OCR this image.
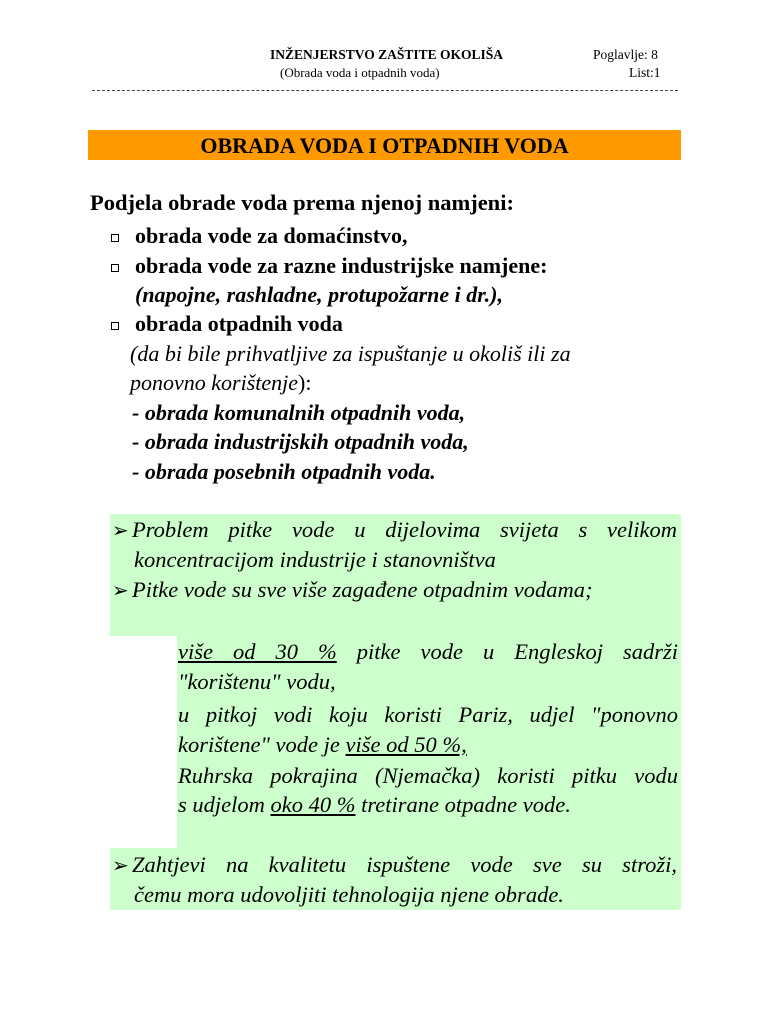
INŽENJERSTVO ZAŠTITE OKOLIŠA
(Obrada voda i otpadnih voda)
Poglavlje: 8
List:1
OBRADA VODA I OTPADNIH VODA
Podjela obrade voda prema njenoj namjeni:
obrada vode za domaćinstvo,
obrada vode za razne industrijske namjene:
(napojne, rashladne, protupožarne i dr.),
obrada otpadnih voda
(da bi bile prihvatljive za ispuštanje u okoliš ili za
ponovno korištenje):
- obrada komunalnih otpadnih voda,
- obrada industrijskih otpadnih voda,
- obrada posebnih otpadnih voda.
➢ Problem pitke vode u dijelovima svijeta s velikom
koncentracijom industrije i stanovništva
➢ Pitke vode su sve više zagađene otpadnim vodama;
više od 30 % pitke vode u Engleskoj sadrži
"korištenu" vodu,
u pitkoj vodi koju koristi Pariz, udjel "ponovno
korištene" vode je više od 50 %,
Ruhrska pokrajina (Njemačka) koristi pitku vodu
s udjelom oko 40 % tretirane otpadne vode.
➢ Zahtjevi na kvalitetu ispuštene vode sve su stroži,
čemu mora udovoljiti tehnologija njene obrade.
